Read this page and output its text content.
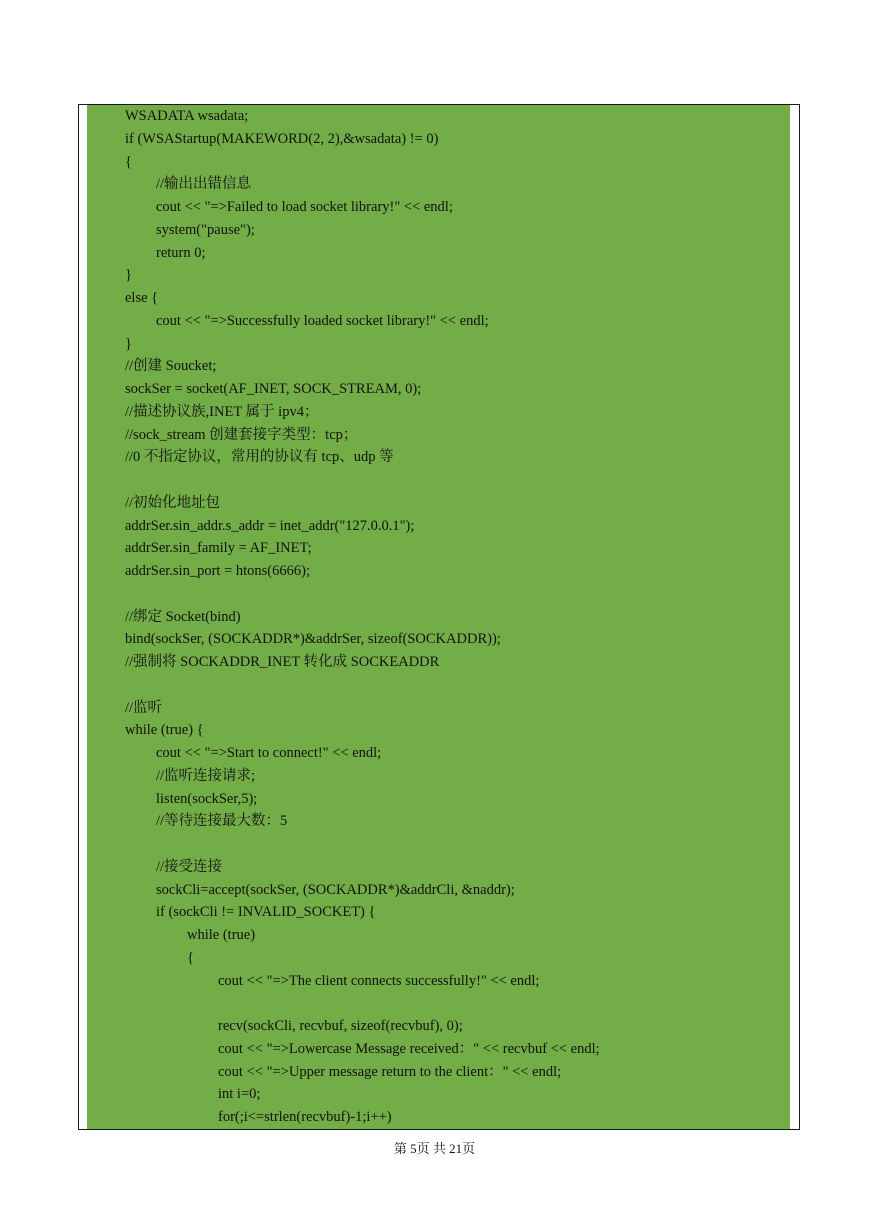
WSADATA wsadata;
if (WSAStartup(MAKEWORD(2, 2),&wsadata) != 0)
{
//输出出错信息
cout << "=>Failed to load socket library!" << endl;
system("pause");
return 0;
}
else {
cout << "=>Successfully loaded socket library!" << endl;
}
//创建 Soucket;
sockSer = socket(AF_INET, SOCK_STREAM, 0);
//描述协议族,INET 属于 ipv4；
//sock_stream 创建套接字类型：tcp；
//0 不指定协议，常用的协议有 tcp、udp 等
//初始化地址包
addrSer.sin_addr.s_addr = inet_addr("127.0.0.1");
addrSer.sin_family = AF_INET;
addrSer.sin_port = htons(6666);
//绑定 Socket(bind)
bind(sockSer, (SOCKADDR*)&addrSer, sizeof(SOCKADDR));
//强制将 SOCKADDR_INET 转化成 SOCKEADDR
//监听
while (true) {
cout << "=>Start to connect!" << endl;
//监听连接请求;
listen(sockSer,5);
//等待连接最大数：5
//接受连接
sockCli=accept(sockSer, (SOCKADDR*)&addrCli, &naddr);
if (sockCli != INVALID_SOCKET) {
while (true)
{
cout << "=>The client connects successfully!" << endl;
recv(sockCli, recvbuf, sizeof(recvbuf), 0);
cout << "=>Lowercase Message received：" << recvbuf << endl;
cout << "=>Upper message return to the client：" << endl;
int i=0;
for(;i<=strlen(recvbuf)-1;i++)
第 5页 共 21页
